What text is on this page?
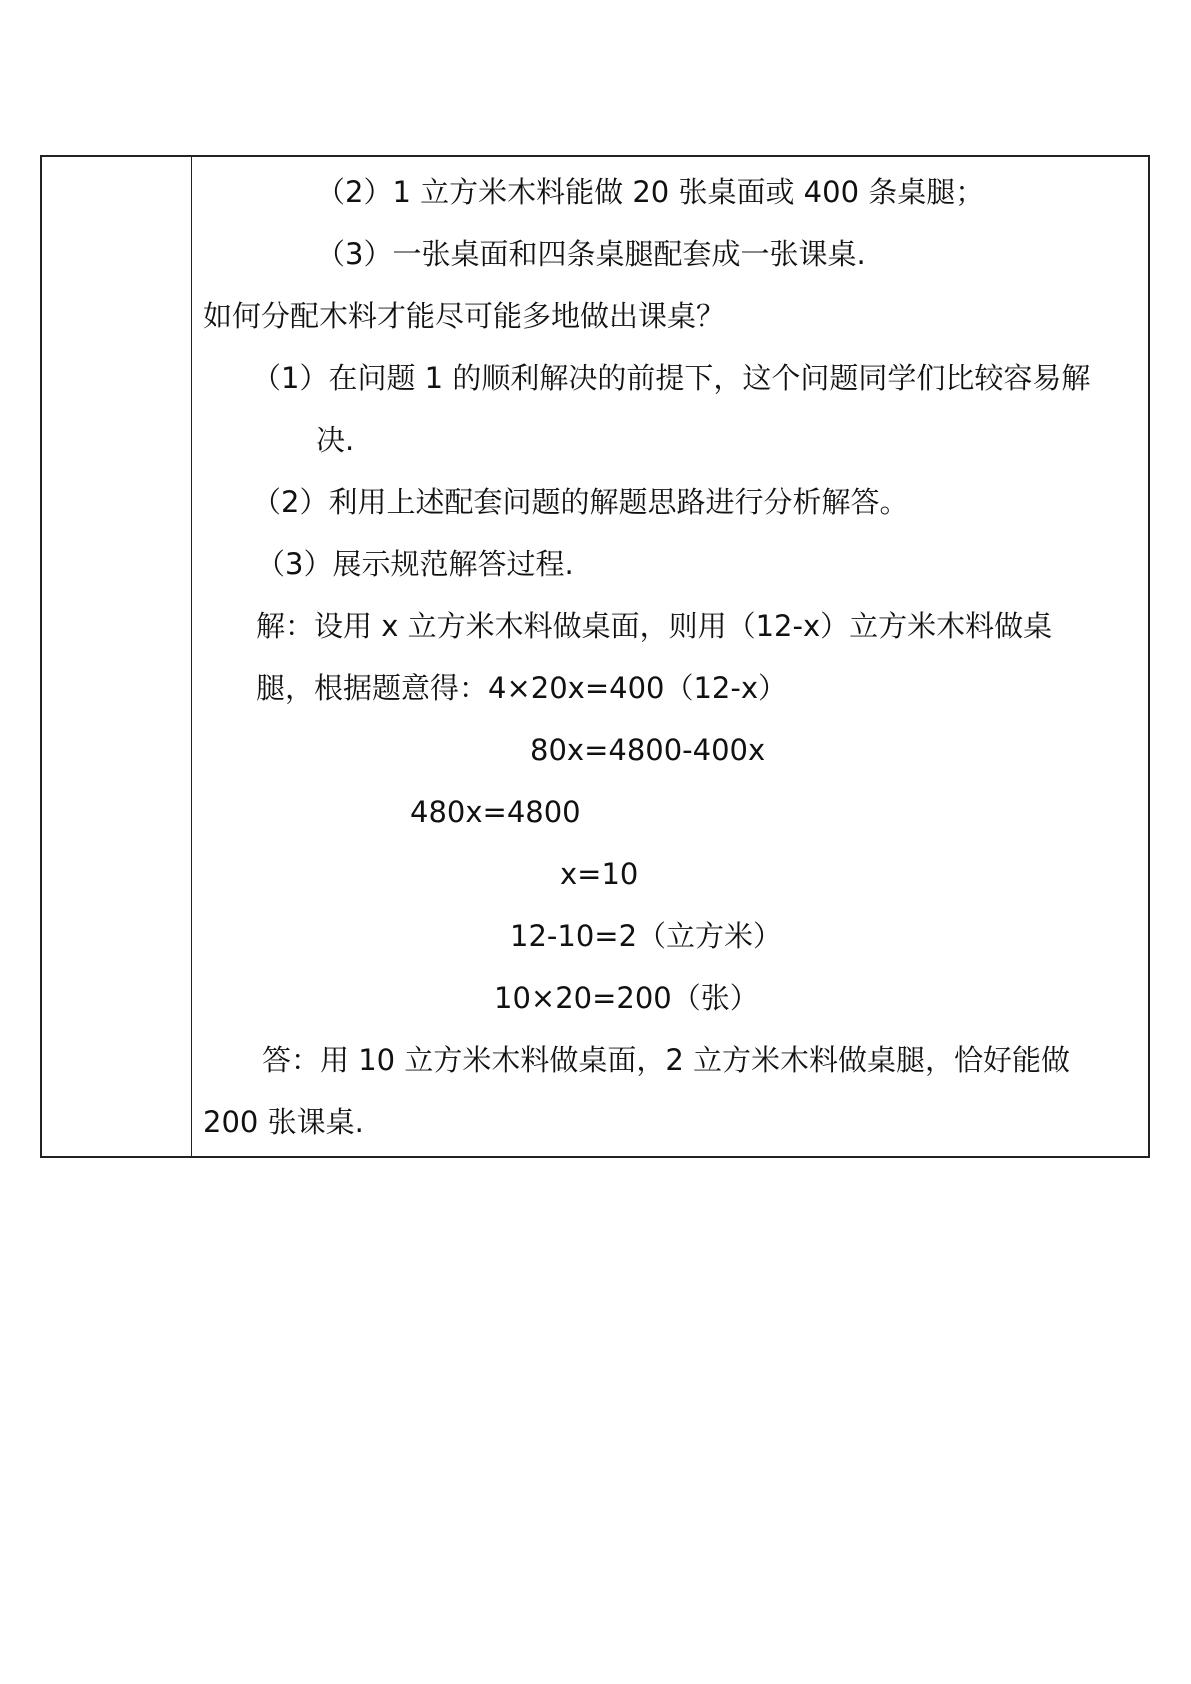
（2）1 立方米木料能做 20 张桌面或 400 条桌腿；
（3）一张桌面和四条桌腿配套成一张课桌.
如何分配木料才能尽可能多地做出课桌？
（1）在问题 1 的顺利解决的前提下，这个问题同学们比较容易解
决.
（2）利用上述配套问题的解题思路进行分析解答。
（3）展示规范解答过程.
解：设用 x 立方米木料做桌面，则用（12-x）立方米木料做桌
腿，根据题意得：4×20x=400（12-x）
80x=4800-400x
480x=4800
x=10
12-10=2（立方米）
10×20=200（张）
答：用 10 立方米木料做桌面，2 立方米木料做桌腿，恰好能做
200 张课桌.
